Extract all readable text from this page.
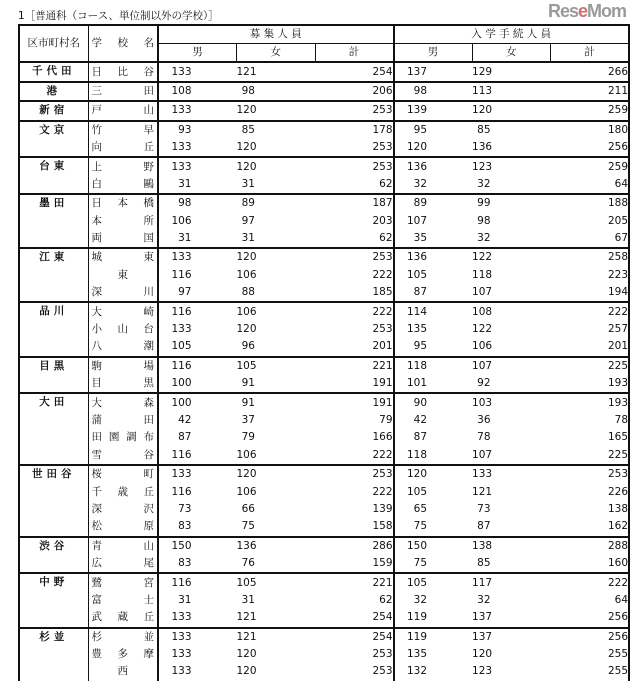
1［普通科（コース、単位制以外の学校）］
区市町村名	学 校 名	募 集 人 員			入 学 手 続 人 員		
		男	女	計	男	女	計
千代田	日 比 谷	133	121	254	137	129	266
港	三 田	108	98	206	98	113	211
新宿	戸 山	133	120	253	139	120	259
文京	竹 早	93	85	178	95	85	180
	向 丘	133	120	253	120	136	256
台東	上 野	133	120	253	136	123	259
	白 鷗	31	31	62	32	32	64
墨田	日 本 橋	98	89	187	89	99	188
	本 所	106	97	203	107	98	205
	両 国	31	31	62	35	32	67
江東	城 東	133	120	253	136	122	258
	東	116	106	222	105	118	223
	深 川	97	88	185	87	107	194
品川	大 崎	116	106	222	114	108	222
	小 山 台	133	120	253	135	122	257
	八 潮	105	96	201	95	106	201
目黒	駒 場	116	105	221	118	107	225
	目 黒	100	91	191	101	92	193
大田	大 森	100	91	191	90	103	193
	蒲 田	42	37	79	42	36	78
	田 園 調 布	87	79	166	87	78	165
	雪 谷	116	106	222	118	107	225
世田谷	桜 町	133	120	253	120	133	253
	千 歳 丘	116	106	222	105	121	226
	深 沢	73	66	139	65	73	138
	松 原	83	75	158	75	87	162
渋谷	青 山	150	136	286	150	138	288
	広 尾	83	76	159	75	85	160
中野	鷺 宮	116	105	221	105	117	222
	富 士	31	31	62	32	32	64
	武 蔵 丘	133	121	254	119	137	256
杉並	杉 並	133	121	254	119	137	256
	豊 多 摩	133	120	253	135	120	255
	西	133	120	253	132	123	255
ReseMom
